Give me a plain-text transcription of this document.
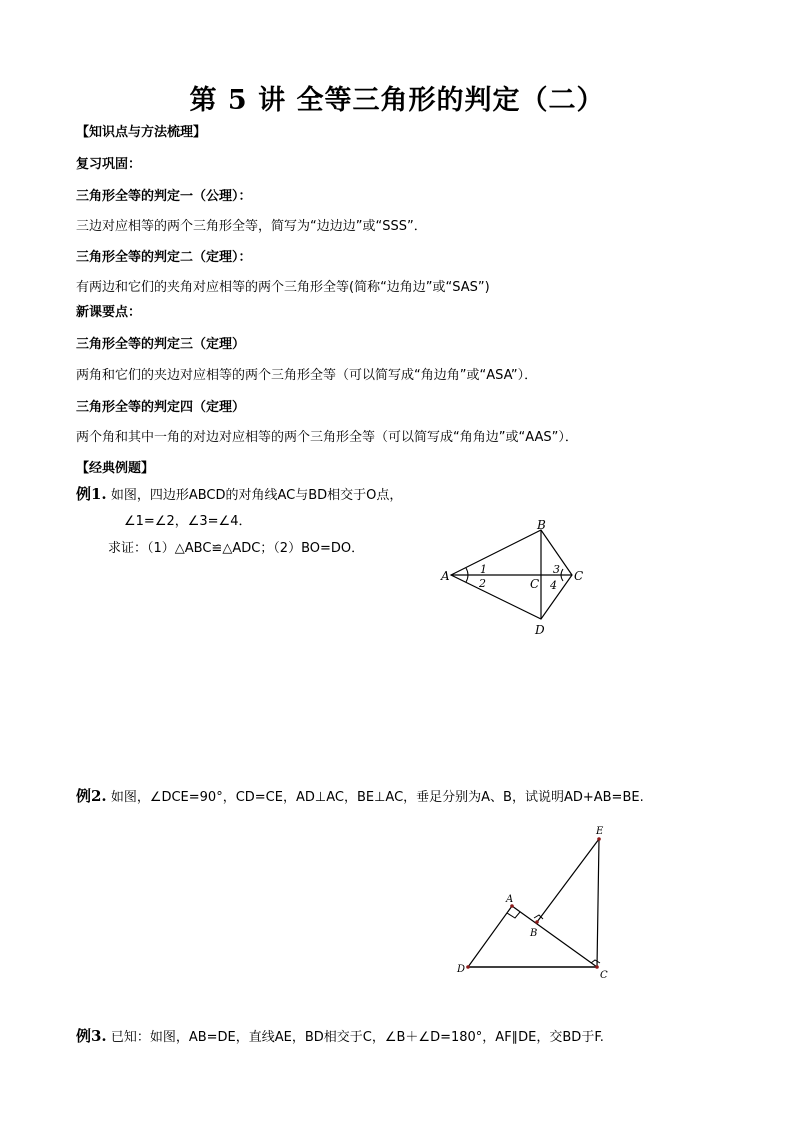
第 5 讲 全等三角形的判定（二）
【知识点与方法梳理】
复习巩固：
三角形全等的判定一（公理）：
三边对应相等的两个三角形全等，简写为“边边边”或“SSS”．
三角形全等的判定二（定理）：
有两边和它们的夹角对应相等的两个三角形全等(简称“边角边”或“SAS”)
新课要点：
三角形全等的判定三（定理）
两角和它们的夹边对应相等的两个三角形全等（可以简写成“角边角”或“ASA”）．
三角形全等的判定四（定理）
两个角和其中一角的对边对应相等的两个三角形全等（可以简写成“角角边”或“AAS”）．
【经典例题】
例1. 如图，四边形ABCD的对角线AC与BD相交于O点，
∠1=∠2，∠3=∠4．
求证：（1）△ABC≌△ADC；（2）BO=DO．
A
B
C
D
C
1
2
3
4
例2. 如图，∠DCE=90°，CD=CE，AD⊥AC，BE⊥AC，垂足分别为A、B，试说明AD+AB=BE.
A
B
C
D
E
例3. 已知：如图，AB=DE，直线AE，BD相交于C，∠B＋∠D=180°，AF∥DE，交BD于F.
